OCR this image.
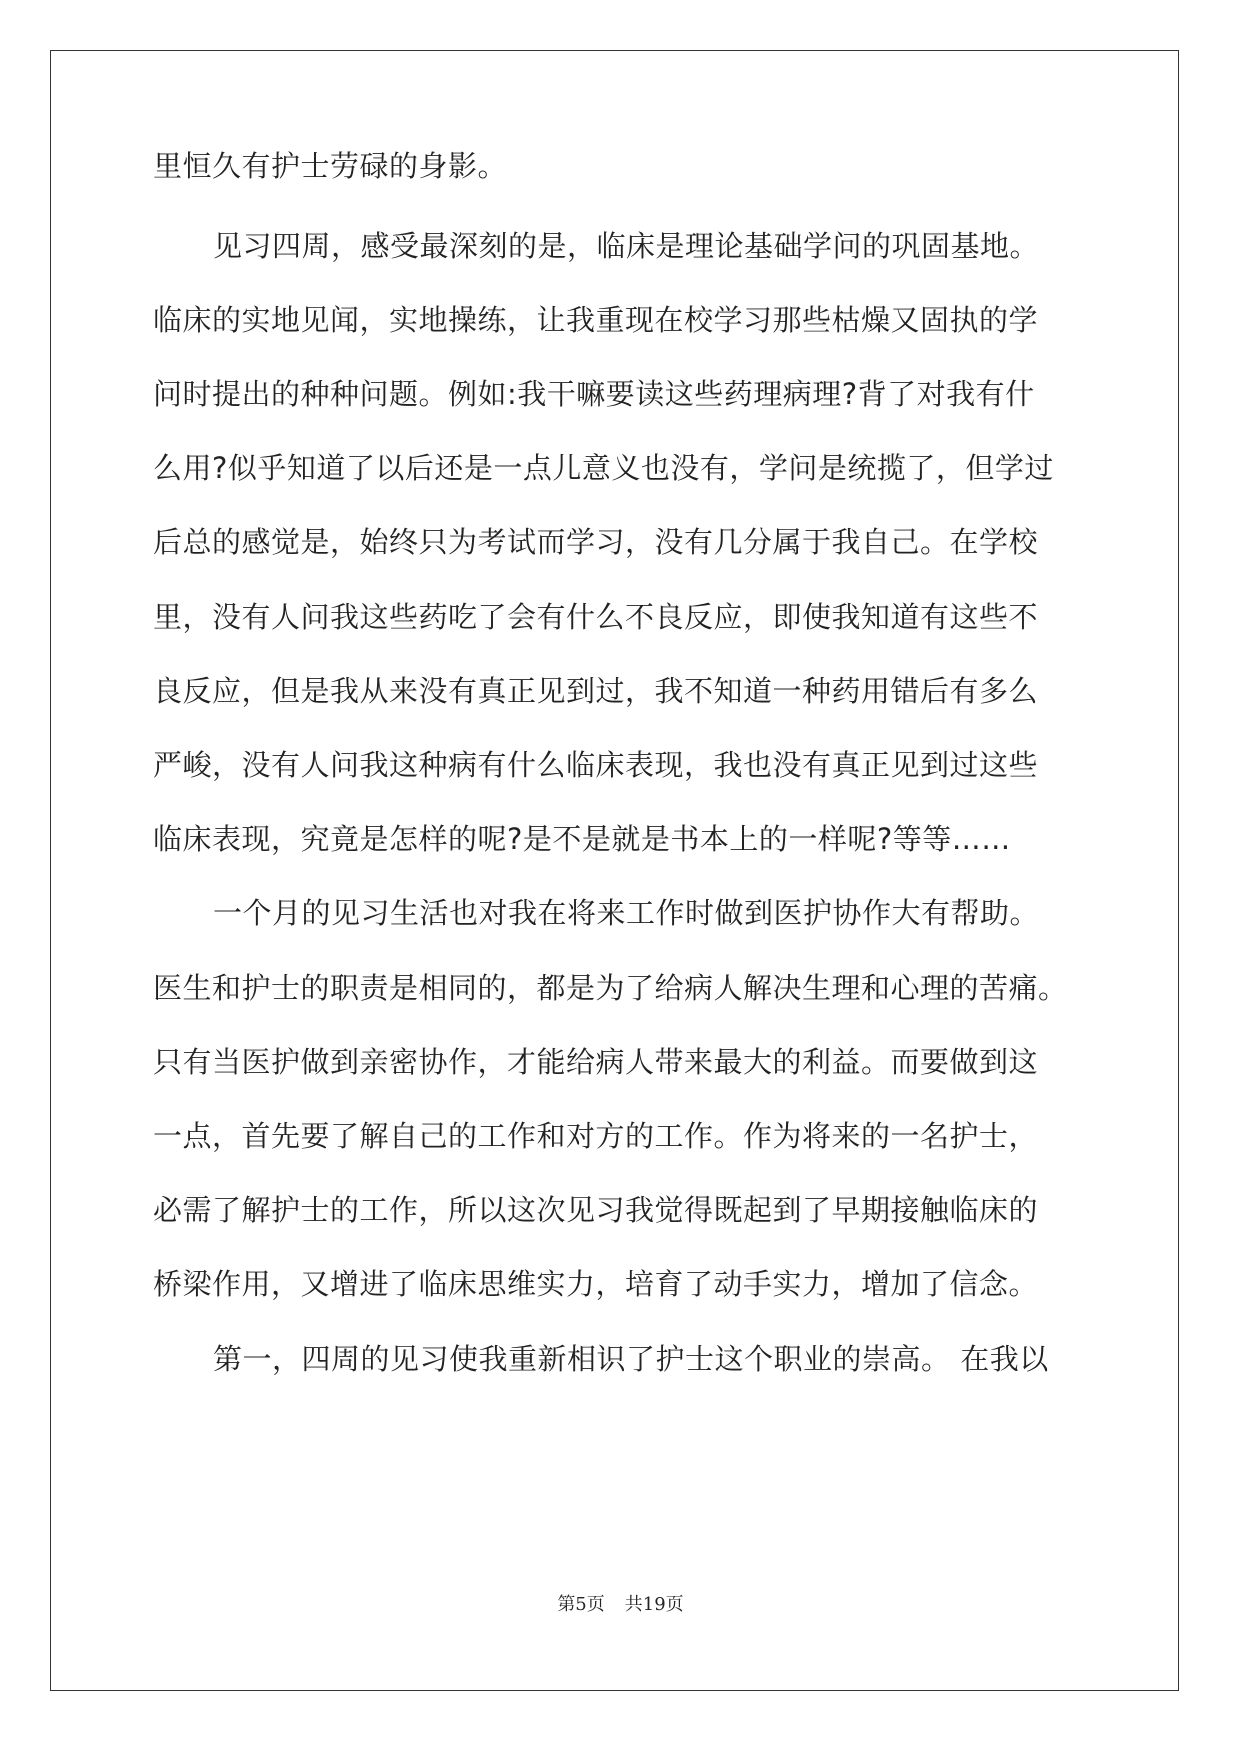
里恒久有护士劳碌的身影。
见习四周，感受最深刻的是，临床是理论基础学问的巩固基地。
临床的实地见闻，实地操练，让我重现在校学习那些枯燥又固执的学
问时提出的种种问题。例如:我干嘛要读这些药理病理?背了对我有什
么用?似乎知道了以后还是一点儿意义也没有，学问是统揽了，但学过
后总的感觉是，始终只为考试而学习，没有几分属于我自己。在学校
里，没有人问我这些药吃了会有什么不良反应，即使我知道有这些不
良反应，但是我从来没有真正见到过，我不知道一种药用错后有多么
严峻，没有人问我这种病有什么临床表现，我也没有真正见到过这些
临床表现，究竟是怎样的呢?是不是就是书本上的一样呢?等等……
一个月的见习生活也对我在将来工作时做到医护协作大有帮助。
医生和护士的职责是相同的，都是为了给病人解决生理和心理的苦痛。
只有当医护做到亲密协作，才能给病人带来最大的利益。而要做到这
一点，首先要了解自己的工作和对方的工作。作为将来的一名护士，
必需了解护士的工作，所以这次见习我觉得既起到了早期接触临床的
桥梁作用，又增进了临床思维实力，培育了动手实力，增加了信念。
第一，四周的见习使我重新相识了护士这个职业的崇高。 在我以
第5页 共19页
